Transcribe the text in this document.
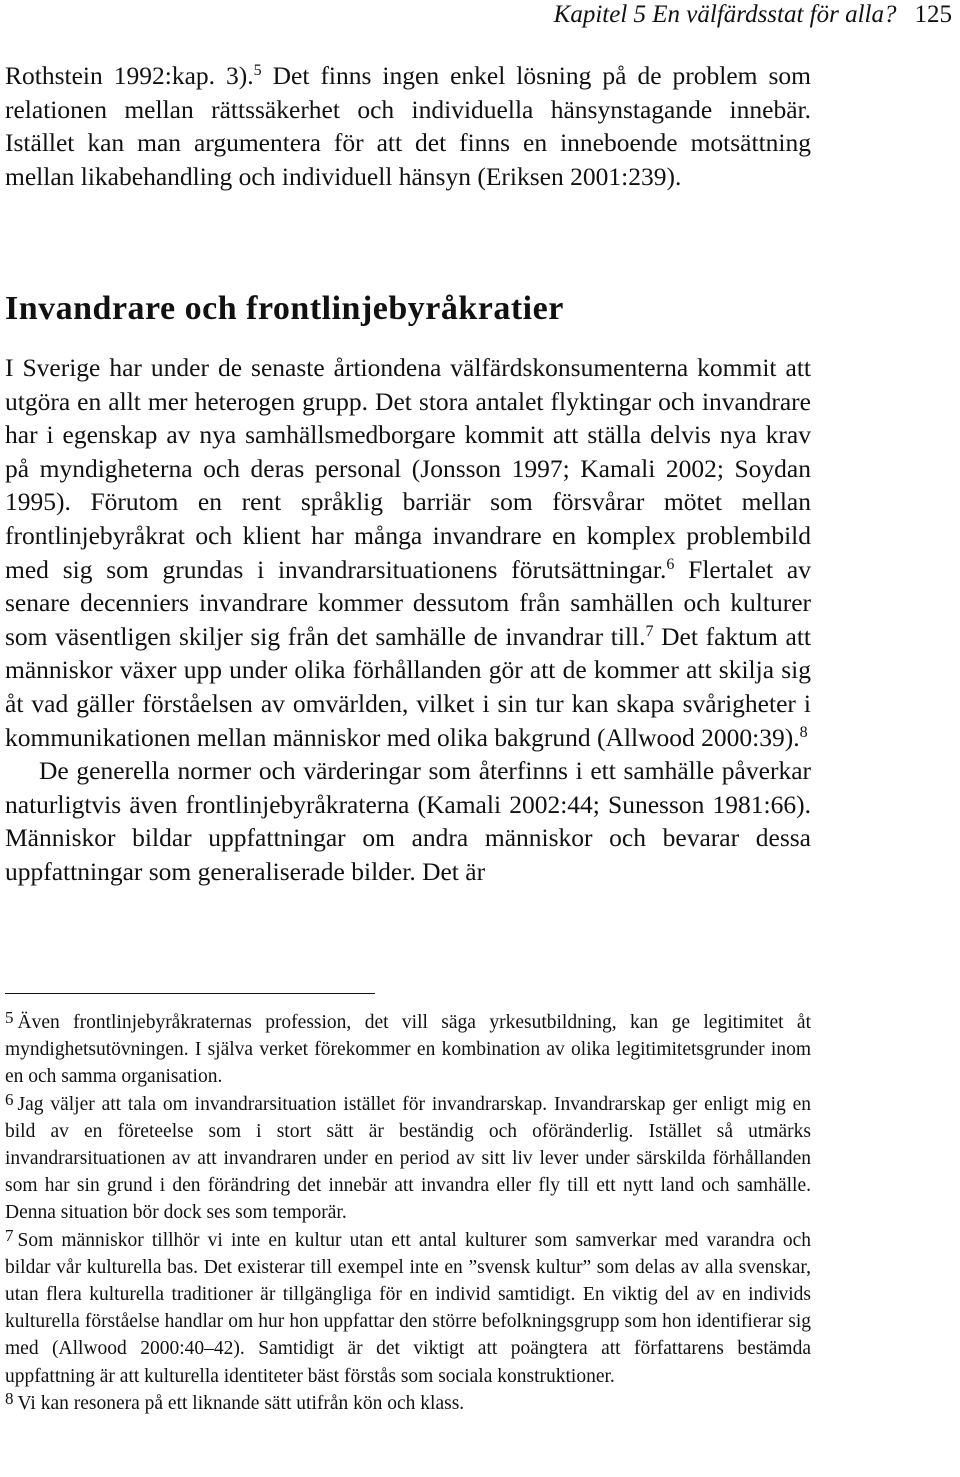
Kapitel 5 En välfärdsstat för alla? 125

Rothstein 1992:kap. 3).$^5$ Det finns ingen enkel lösning på de problem som relationen mellan rättssäkerhet och individuella hänsynstagande innebär. Istället kan man argumentera för att det finns en inneboende motsättning mellan likabehandling och individuell hänsyn (Eriksen 2001:239).

Invandrare och frontlinjebyråkratier

I Sverige har under de senaste årtiondena välfärdskonsumenterna kommit att utgöra en allt mer heterogen grupp. Det stora antalet flyktingar och invandrare har i egenskap av nya samhällsmedborgare kommit att ställa delvis nya krav på myndigheterna och deras personal (Jonsson 1997; Kamali 2002; Soydan 1995). Förutom en rent språklig barriär som försvårar mötet mellan frontlinjebyråkrat och klient har många invandrare en komplex problembild med sig som grundas i invandrarsituationens förutsättningar.$^6$ Flertalet av senare decenniers invandrare kommer dessutom från samhällen och kulturer som väsentligen skiljer sig från det samhälle de invandrar till.$^7$ Det faktum att människor växer upp under olika förhållanden gör att de kommer att skilja sig åt vad gäller förståelsen av omvärlden, vilket i sin tur kan skapa svårigheter i kommunikationen mellan människor med olika bakgrund (Allwood 2000:39).$^8$

De generella normer och värderingar som återfinns i ett samhälle påverkar naturligtvis även frontlinjebyråkraterna (Kamali 2002:44; Sunesson 1981:66). Människor bildar uppfattningar om andra människor och bevarar dessa uppfattningar som generaliserade bilder. Det är

5 Även frontlinjebyråkraternas profession, det vill säga yrkesutbildning, kan ge legitimitet åt myndighetsutövningen. I själva verket förekommer en kombination av olika legitimitetsgrunder inom en och samma organisation.

6 Jag väljer att tala om invandrarsituation istället för invandrarskap. Invandrarskap ger enligt mig en bild av en företeelse som i stort sätt är beständig och oföränderlig. Istället så utmärks invandrarsituationen av att invandraren under en period av sitt liv lever under särskilda förhållanden som har sin grund i den förändring det innebär att invandra eller fly till ett nytt land och samhälle. Denna situation bör dock ses som temporär.

7 Som människor tillhör vi inte en kultur utan ett antal kulturer som samverkar med varandra och bildar vår kulturella bas. Det existerar till exempel inte en ”svensk kultur” som delas av alla svenskar, utan flera kulturella traditioner är tillgängliga för en individ samtidigt. En viktig del av en individs kulturella förståelse handlar om hur hon uppfattar den större befolkningsgrupp som hon identifierar sig med (Allwood 2000:40–42). Samtidigt är det viktigt att poängtera att författarens bestämda uppfattning är att kulturella identiteter bäst förstås som sociala konstruktioner.

8 Vi kan resonera på ett liknande sätt utifrån kön och klass.
